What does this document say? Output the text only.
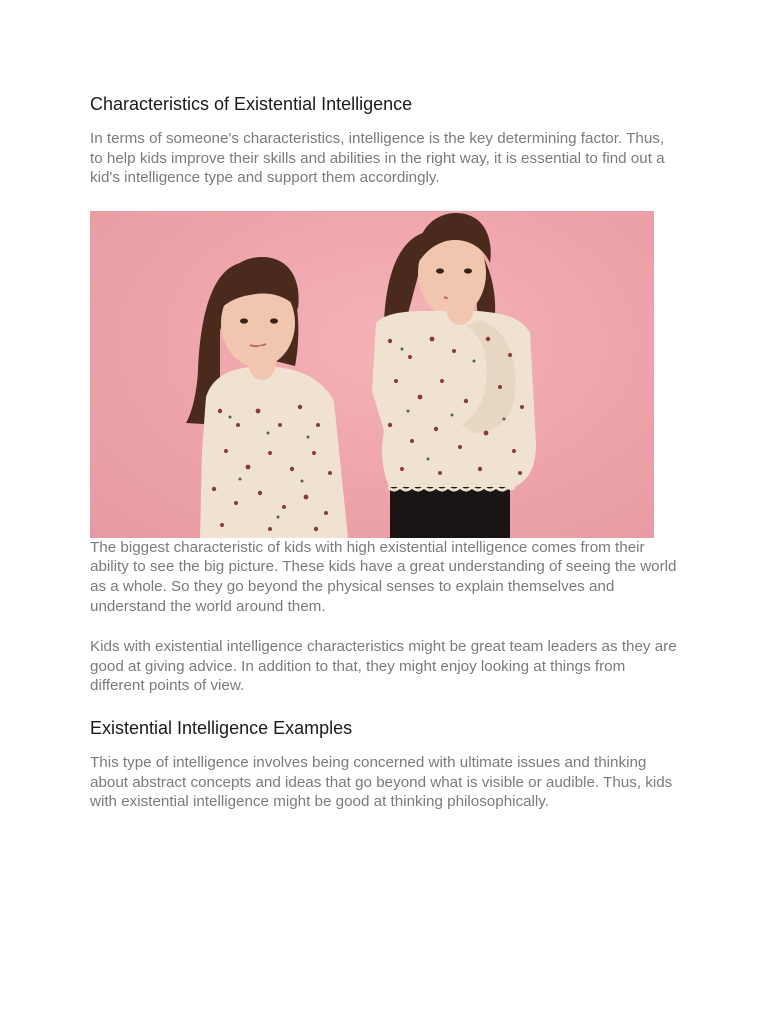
Characteristics of Existential Intelligence

In terms of someone's characteristics, intelligence is the key determining factor. Thus, to help kids improve their skills and abilities in the right way, it is essential to find out a kid's intelligence type and support them accordingly.

The biggest characteristic of kids with high existential intelligence comes from their ability to see the big picture. These kids have a great understanding of seeing the world as a whole. So they go beyond the physical senses to explain themselves and understand the world around them.

Kids with existential intelligence characteristics might be great team leaders as they are good at giving advice. In addition to that, they might enjoy looking at things from different points of view.

Existential Intelligence Examples

This type of intelligence involves being concerned with ultimate issues and thinking about abstract concepts and ideas that go beyond what is visible or audible. Thus, kids with existential intelligence might be good at thinking philosophically.
